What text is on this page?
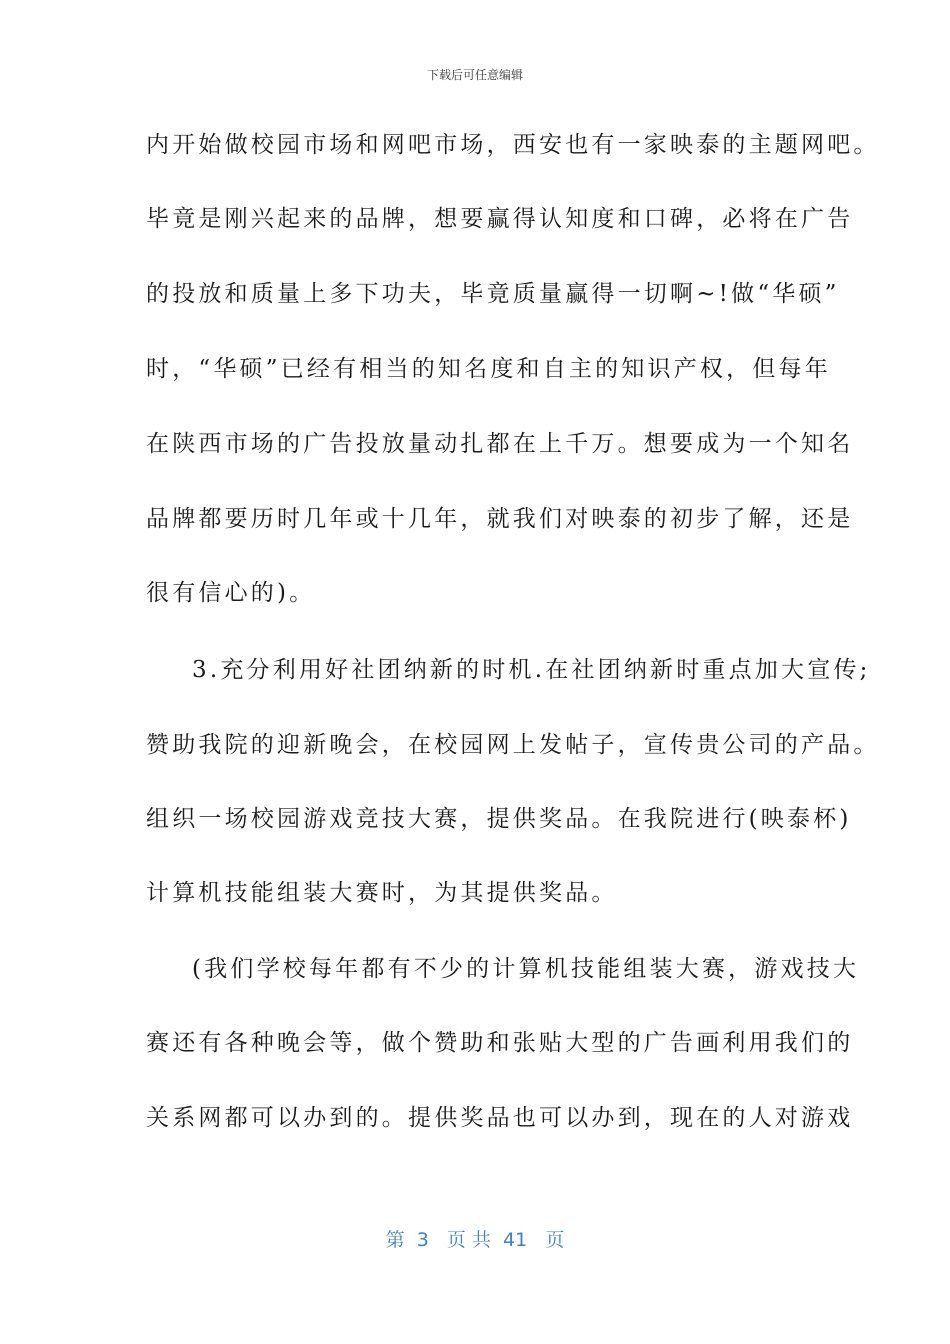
下载后可任意编辑
内开始做校园市场和网吧市场，西安也有一家映泰的主题网吧。
毕竟是刚兴起来的品牌，想要赢得认知度和口碑，必将在广告
的投放和质量上多下功夫，毕竟质量赢得一切啊~!做“华硕”
时，“华硕”已经有相当的知名度和自主的知识产权，但每年
在陕西市场的广告投放量动扎都在上千万。想要成为一个知名
品牌都要历时几年或十几年，就我们对映泰的初步了解，还是
很有信心的)。
3.充分利用好社团纳新的时机.在社团纳新时重点加大宣传;
赞助我院的迎新晚会，在校园网上发帖子，宣传贵公司的产品。
组织一场校园游戏竞技大赛，提供奖品。在我院进行(映泰杯)
计算机技能组装大赛时，为其提供奖品。
(我们学校每年都有不少的计算机技能组装大赛，游戏技大
赛还有各种晚会等，做个赞助和张贴大型的广告画利用我们的
关系网都可以办到的。提供奖品也可以办到，现在的人对游戏
第  3   页 共  41   页
